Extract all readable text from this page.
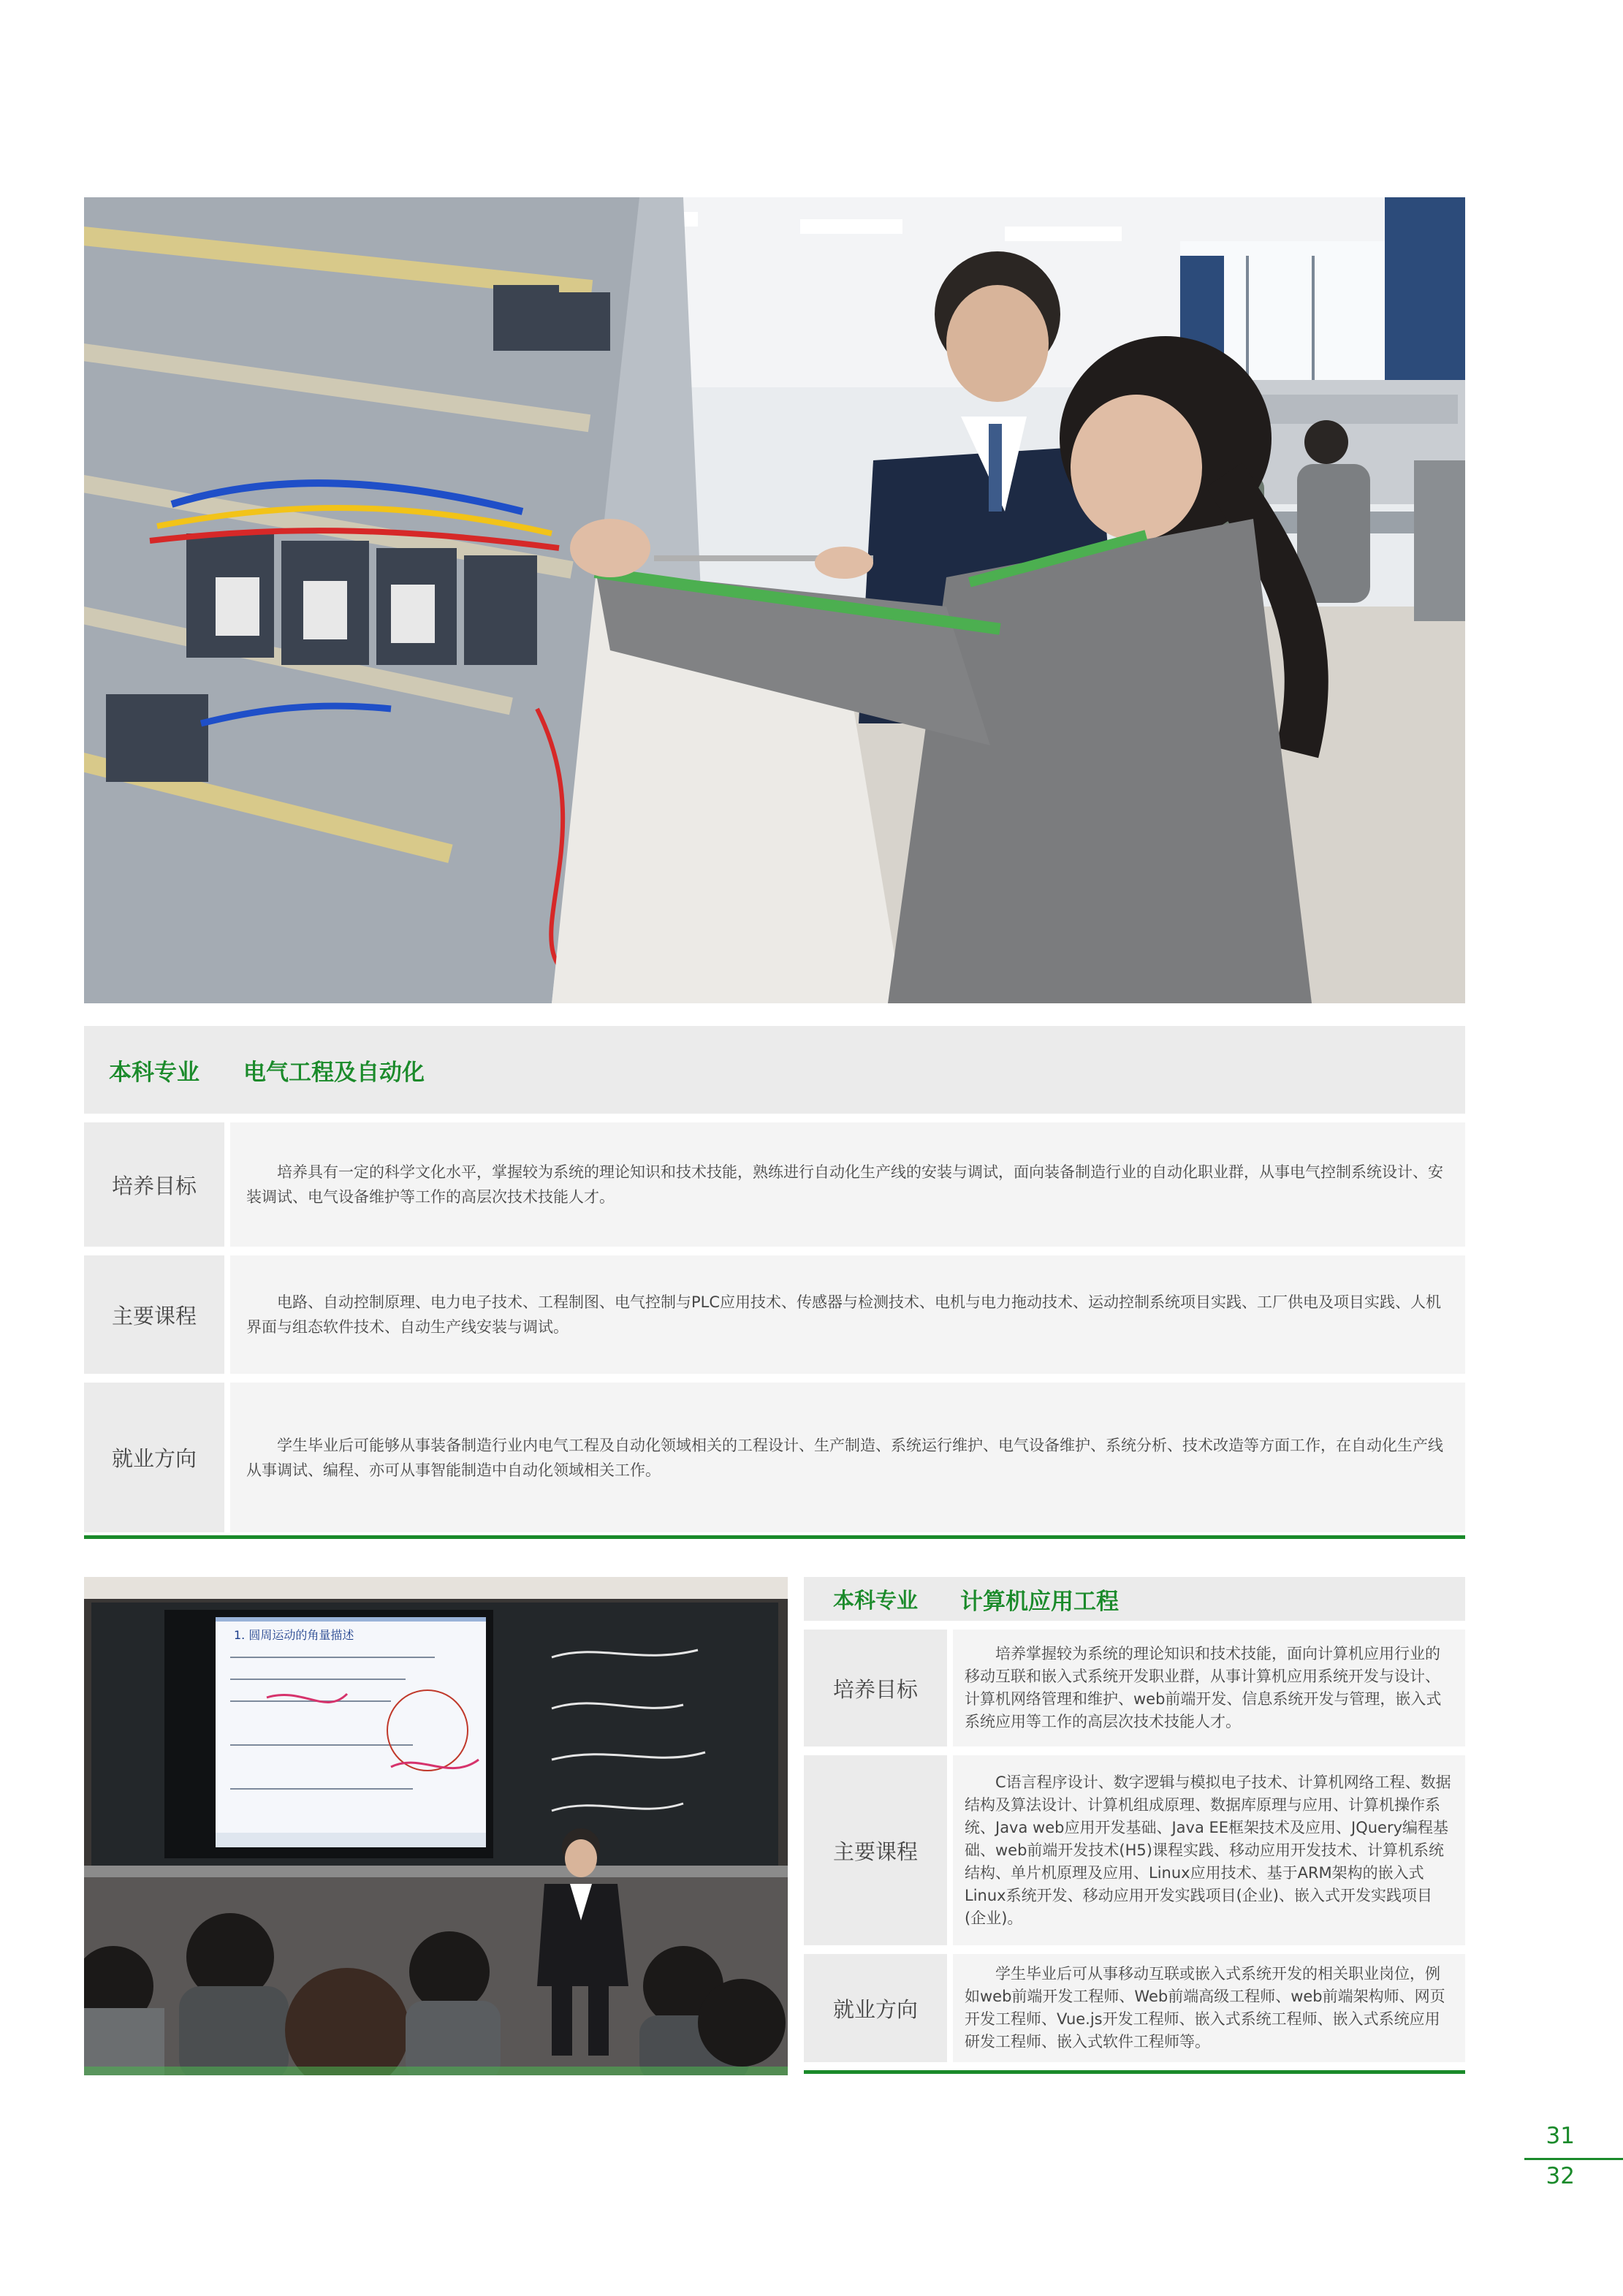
本科专业	电气工程及自动化
培养目标

培养具有一定的科学文化水平，掌握较为系统的理论知识和技术技能，熟练进行自动化生产线的安装与调试，面向装备制造行业的自动化职业群，从事电气控制系统设计、安装调试、电气设备维护等工作的高层次技术技能人才。

主要课程

电路、自动控制原理、电力电子技术、工程制图、电气控制与PLC应用技术、传感器与检测技术、电机与电力拖动技术、运动控制系统项目实践、工厂供电及项目实践、人机界面与组态软件技术、自动生产线安装与调试。

就业方向

学生毕业后可能够从事装备制造行业内电气工程及自动化领域相关的工程设计、生产制造、系统运行维护、电气设备维护、系统分析、技术改造等方面工作，在自动化生产线从事调试、编程、亦可从事智能制造中自动化领域相关工作。

1. 圆周运动的角量描述
本科专业	计算机应用工程
培养目标

培养掌握较为系统的理论知识和技术技能，面向计算机应用行业的移动互联和嵌入式系统开发职业群，从事计算机应用系统开发与设计、计算机网络管理和维护、web前端开发、信息系统开发与管理，嵌入式系统应用等工作的高层次技术技能人才。

主要课程

C语言程序设计、数字逻辑与模拟电子技术、计算机网络工程、数据结构及算法设计、计算机组成原理、数据库原理与应用、计算机操作系统、Java web应用开发基础、Java EE框架技术及应用、JQuery编程基础、web前端开发技术(H5)课程实践、移动应用开发技术、计算机系统结构、单片机原理及应用、Linux应用技术、基于ARM架构的嵌入式Linux系统开发、移动应用开发实践项目(企业)、嵌入式开发实践项目(企业)。

就业方向

学生毕业后可从事移动互联或嵌入式系统开发的相关职业岗位，例如web前端开发工程师、Web前端高级工程师、web前端架构师、网页开发工程师、Vue.js开发工程师、嵌入式系统工程师、嵌入式系统应用研发工程师、嵌入式软件工程师等。

31
32
